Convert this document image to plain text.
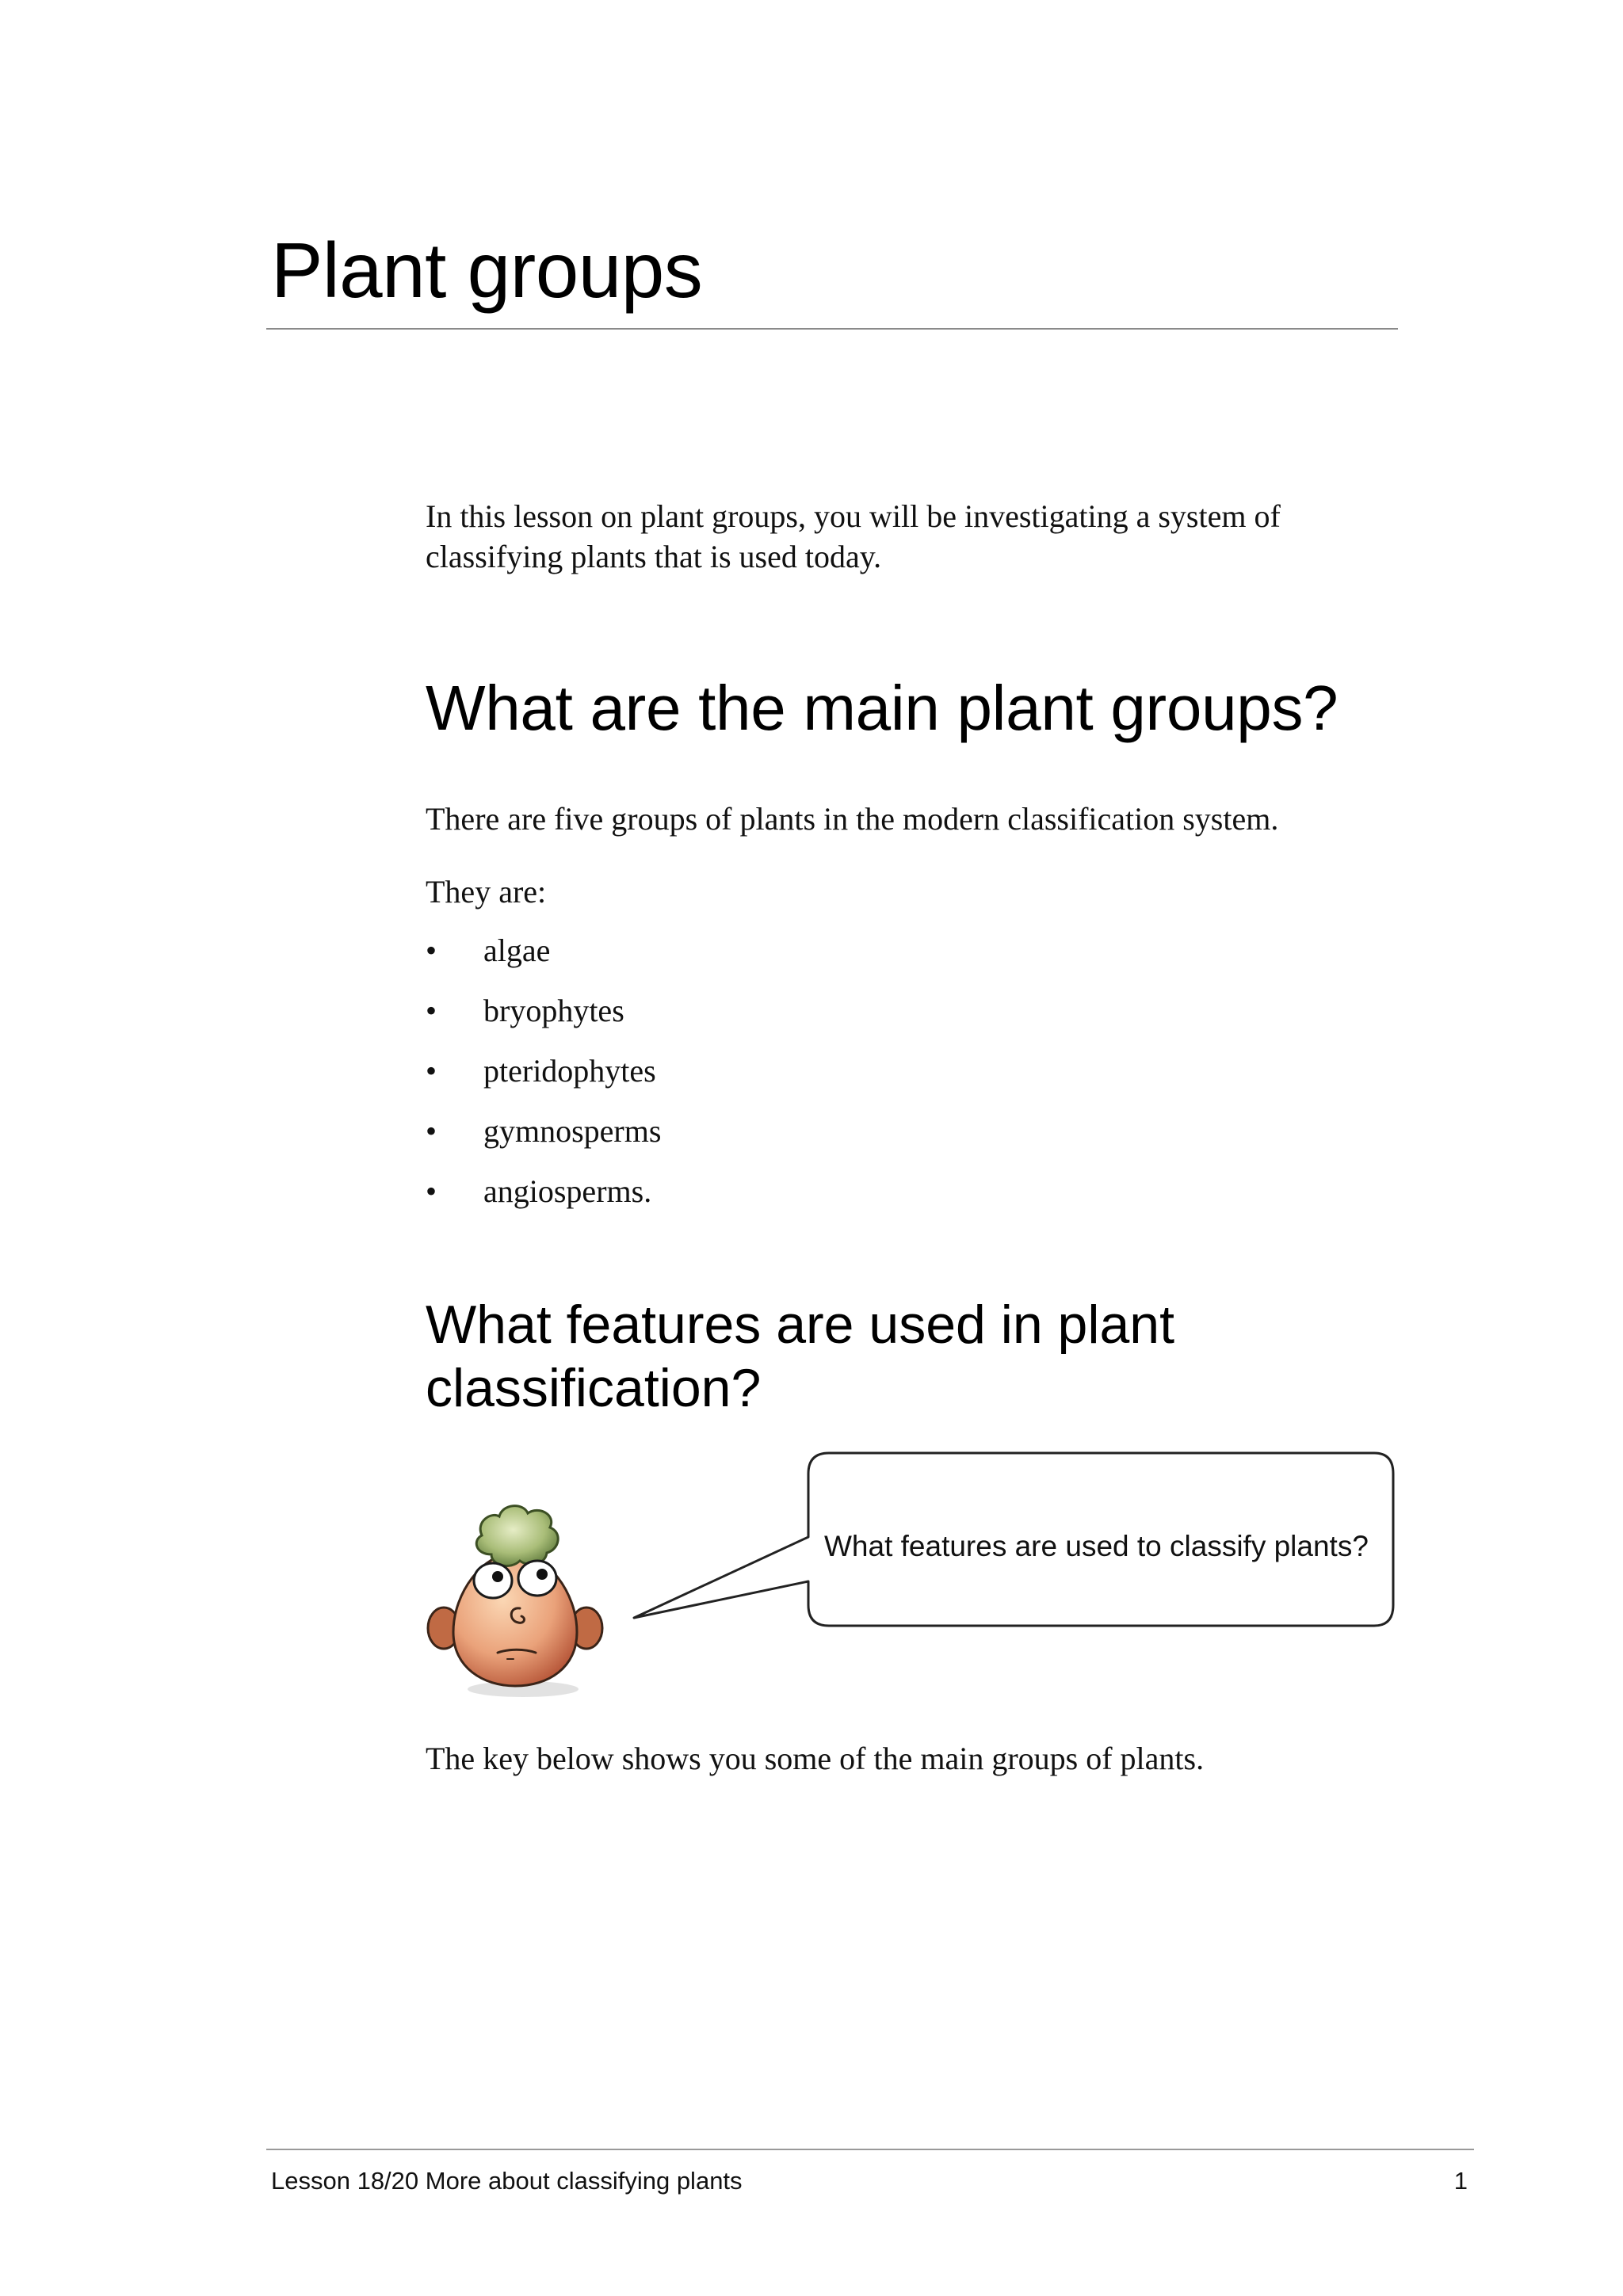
Plant groups

In this lesson on plant groups, you will be investigating a system of classifying plants that is used today.

What are the main plant groups?

There are five groups of plants in the modern classification system.

They are:

• algae
• bryophytes
• pteridophytes
• gymnosperms
• angiosperms.
What features are used in plant classification?
What features are used to classify plants?

The key below shows you some of the main groups of plants.

Lesson 18/20 More about classifying plants	1
